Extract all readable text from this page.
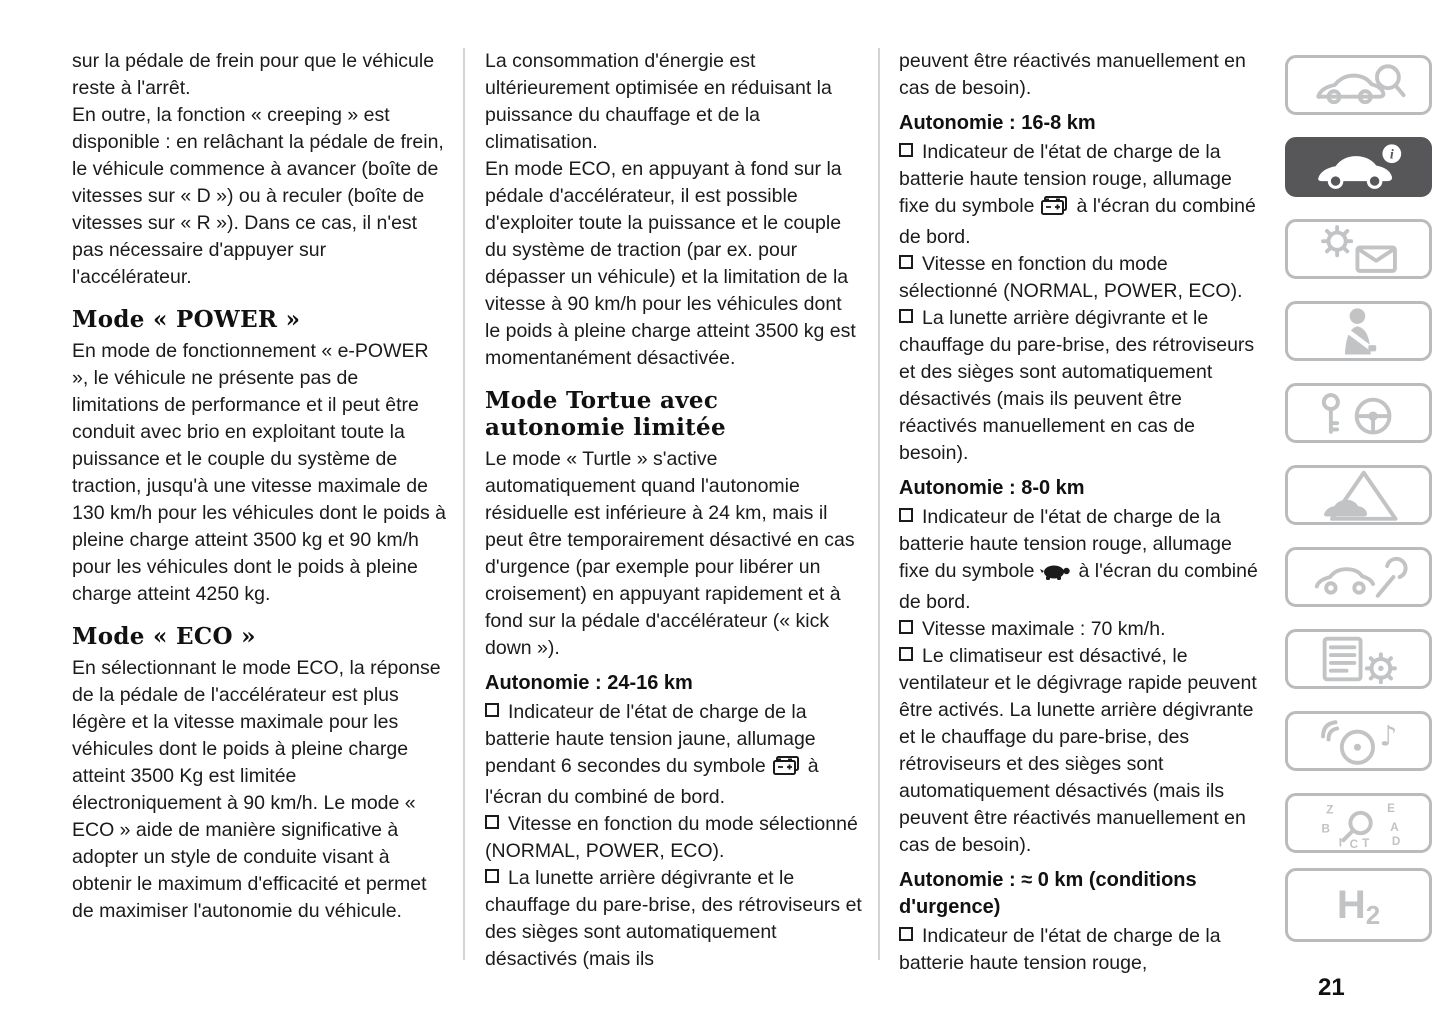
sur la pédale de frein pour que le véhicule reste à l'arrêt.

En outre, la fonction « creeping » est disponible : en relâchant la pédale de frein, le véhicule commence à avancer (boîte de vitesses sur « D ») ou à reculer (boîte de vitesses sur « R »). Dans ce cas, il n'est pas nécessaire d'appuyer sur l'accélérateur.

Mode « POWER »

En mode de fonctionnement « e-POWER », le véhicule ne présente pas de limitations de performance et il peut être conduit avec brio en exploitant toute la puissance et le couple du système de traction, jusqu'à une vitesse maximale de 130 km/h pour les véhicules dont le poids à pleine charge atteint 3500 kg et 90 km/h pour les véhicules dont le poids à pleine charge atteint 4250 kg.

Mode « ECO »

En sélectionnant le mode ECO, la réponse de la pédale de l'accélérateur est plus légère et la vitesse maximale pour les véhicules dont le poids à pleine charge atteint 3500 Kg est limitée électroniquement à 90 km/h. Le mode « ECO » aide de manière significative à adopter un style de conduite visant à obtenir le maximum d'efficacité et permet de maximiser l'autonomie du véhicule.

La consommation d'énergie est ultérieurement optimisée en réduisant la puissance du chauffage et de la climatisation.

En mode ECO, en appuyant à fond sur la pédale d'accélérateur, il est possible d'exploiter toute la puissance et le couple du système de traction (par ex. pour dépasser un véhicule) et la limitation de la vitesse à 90 km/h pour les véhicules dont le poids à pleine charge atteint 3500 kg est momentanément désactivée.

Mode Tortue avec autonomie limitée

Le mode « Turtle » s'active automatiquement quand l'autonomie résiduelle est inférieure à 24 km, mais il peut être temporairement désactivé en cas d'urgence (par exemple pour libérer un croisement) en appuyant rapidement et à fond sur la pédale d'accélérateur (« kick down »).

Autonomie : 24-16 km

Indicateur de l'état de charge de la batterie haute tension jaune, allumage pendant 6 secondes du symbole à l'écran du combiné de bord.

Vitesse en fonction du mode sélectionné (NORMAL, POWER, ECO).

La lunette arrière dégivrante et le chauffage du pare-brise, des rétroviseurs et des sièges sont automatiquement désactivés (mais ils

peuvent être réactivés manuellement en cas de besoin).

Autonomie : 16-8 km

Indicateur de l'état de charge de la batterie haute tension rouge, allumage fixe du symbole à l'écran du combiné de bord.

Vitesse en fonction du mode sélectionné (NORMAL, POWER, ECO).

La lunette arrière dégivrante et le chauffage du pare-brise, des rétroviseurs et des sièges sont automatiquement désactivés (mais ils peuvent être réactivés manuellement en cas de besoin).

Autonomie : 8-0 km

Indicateur de l'état de charge de la batterie haute tension rouge, allumage fixe du symbole à l'écran du combiné de bord.

Vitesse maximale : 70 km/h.

Le climatiseur est désactivé, le ventilateur et le dégivrage rapide peuvent être activés. La lunette arrière dégivrante et le chauffage du pare-brise, des rétroviseurs et des sièges sont automatiquement désactivés (mais ils peuvent être réactivés manuellement en cas de besoin).

Autonomie : ≈ 0 km (conditions d'urgence)

Indicateur de l'état de charge de la batterie haute tension rouge,

i
♪
Z	E
B	A
D
I C T
H 2
21
